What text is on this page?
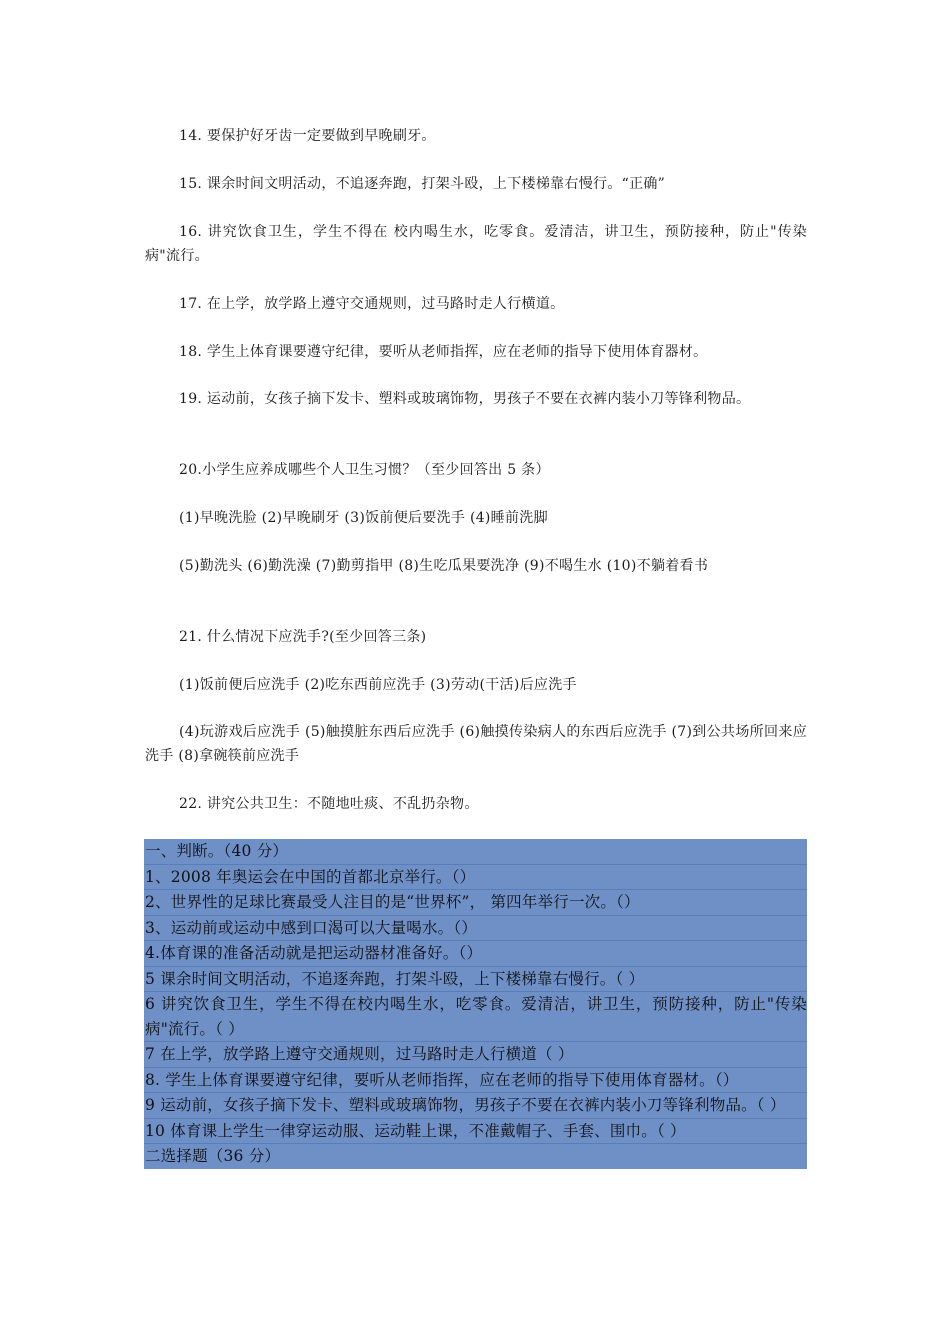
14. 要保护好牙齿一定要做到早晚刷牙。

15. 课余时间文明活动，不追逐奔跑，打架斗殴，上下楼梯靠右慢行。“正确”

16. 讲究饮食卫生，学生不得在 校内喝生水，吃零食。爱清洁，讲卫生，预防接种，防止"传染病"流行。

17. 在上学，放学路上遵守交通规则，过马路时走人行横道。

18. 学生上体育课要遵守纪律，要听从老师指挥，应在老师的指导下使用体育器材。

19. 运动前，女孩子摘下发卡、塑料或玻璃饰物，男孩子不要在衣裤内装小刀等锋利物品。

20.小学生应养成哪些个人卫生习惯？（至少回答出 5 条）

(1)早晚洗脸 (2)早晚刷牙 (3)饭前便后要洗手 (4)睡前洗脚

(5)勤洗头 (6)勤洗澡 (7)勤剪指甲 (8)生吃瓜果要洗净 (9)不喝生水 (10)不躺着看书

21. 什么情况下应洗手?(至少回答三条)

(1)饭前便后应洗手 (2)吃东西前应洗手 (3)劳动(干活)后应洗手

(4)玩游戏后应洗手 (5)触摸脏东西后应洗手 (6)触摸传染病人的东西后应洗手 (7)到公共场所回来应洗手 (8)拿碗筷前应洗手

22. 讲究公共卫生：不随地吐痰、不乱扔杂物。

一、判断。（40 分）
1、2008 年奥运会在中国的首都北京举行。（）
2、世界性的足球比赛最受人注目的是“世界杯”， 第四年举行一次。（）
3、运动前或运动中感到口渴可以大量喝水。（）
4.体育课的准备活动就是把运动器材准备好。（）
5 课余时间文明活动，不追逐奔跑，打架斗殴，上下楼梯靠右慢行。（ ）
6 讲究饮食卫生，学生不得在校内喝生水，吃零食。爱清洁，讲卫生，预防接种，防止"传染病"流行。（ ）
7 在上学，放学路上遵守交通规则，过马路时走人行横道（ ）
8. 学生上体育课要遵守纪律，要听从老师指挥，应在老师的指导下使用体育器材。（）
9 运动前，女孩子摘下发卡、塑料或玻璃饰物，男孩子不要在衣裤内装小刀等锋利物品。（ ）
10 体育课上学生一律穿运动服、运动鞋上课，不准戴帽子、手套、围巾。（ ）
二选择题（36 分）
